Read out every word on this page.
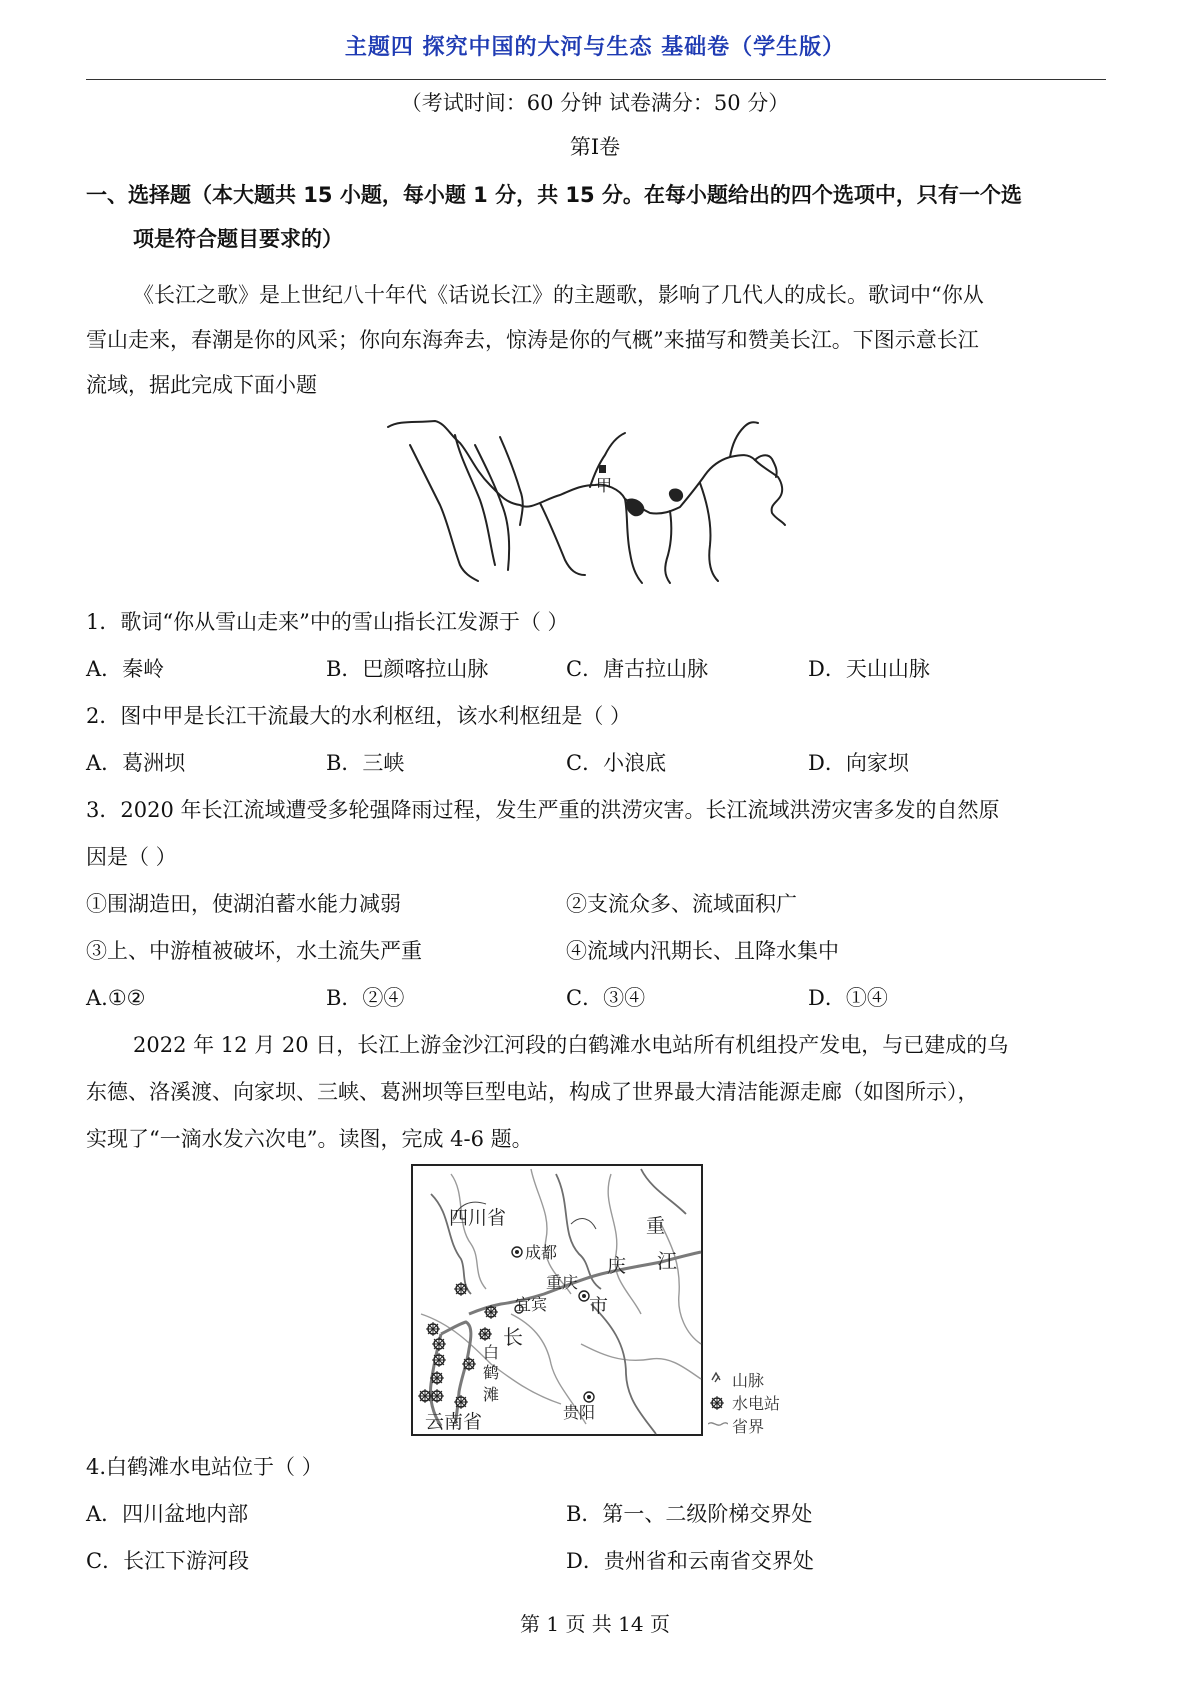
主题四 探究中国的大河与生态 基础卷（学生版）
（考试时间：60 分钟 试卷满分：50 分）
第Ⅰ卷
一、选择题（本大题共 15 小题，每小题 1 分，共 15 分。在每小题给出的四个选项中，只有一个选
项是符合题目要求的）
《长江之歌》是上世纪八十年代《话说长江》的主题歌，影响了几代人的成长。歌词中“你从
雪山走来，春潮是你的风采；你向东海奔去，惊涛是你的气概”来描写和赞美长江。下图示意长江
流域，据此完成下面小题
甲
1．歌词“你从雪山走来”中的雪山指长江发源于（ ）
A．秦岭	B．巴颜喀拉山脉	C．唐古拉山脉	D．天山山脉
2．图中甲是长江干流最大的水利枢纽，该水利枢纽是（ ）
A．葛洲坝	B．三峡	C．小浪底	D．向家坝
3．2020 年长江流域遭受多轮强降雨过程，发生严重的洪涝灾害。长江流域洪涝灾害多发的自然原
因是（ ）
①围湖造田，使湖泊蓄水能力减弱	②支流众多、流域面积广
③上、中游植被破坏，水土流失严重	④流域内汛期长、且降水集中
A.①②	B．②④	C．③④	D．①④
2022 年 12 月 20 日，长江上游金沙江河段的白鹤滩水电站所有机组投产发电，与已建成的乌
东德、洛溪渡、向家坝、三峡、葛洲坝等巨型电站，构成了世界最大清洁能源走廊（如图所示），
实现了“一滴水发六次电”。读图，完成 4-6 题。
四川省
成都
重庆
宜宾
重
庆
市
长
江
白
鹤
滩
贵阳
云南省
山脉
水电站
省界
4.白鹤滩水电站位于（ ）
A．四川盆地内部	B．第一、二级阶梯交界处
C．长江下游河段	D．贵州省和云南省交界处
第 1 页 共 14 页
